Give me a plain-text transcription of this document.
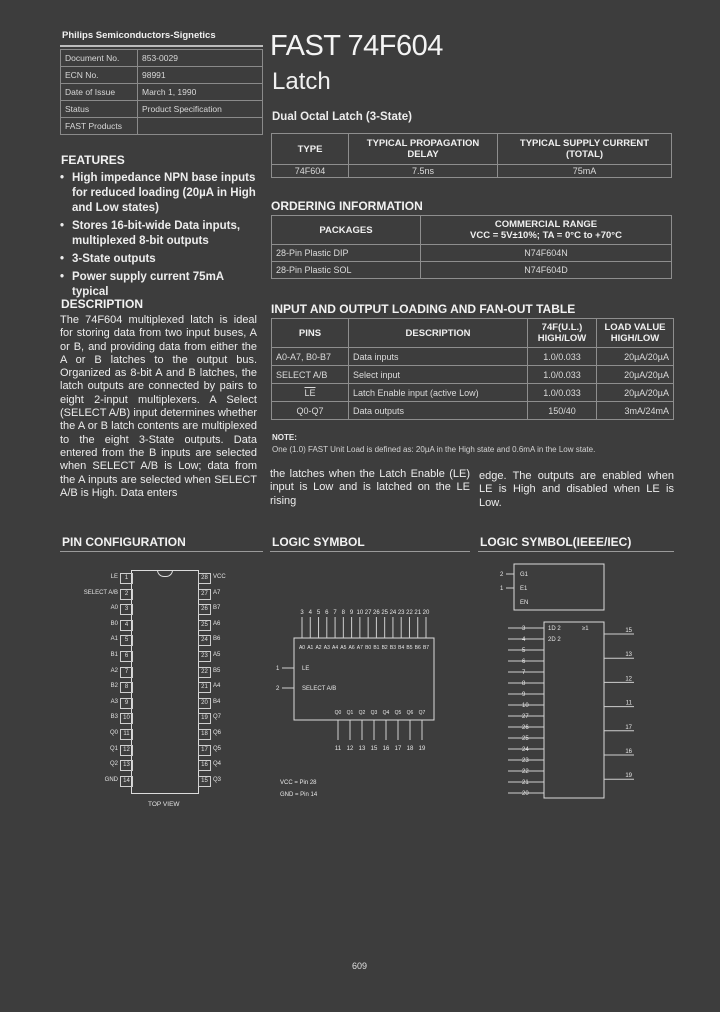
Philips Semiconductors-Signetics
Document No.	853-0029
ECN No.	98991
Date of Issue	March 1, 1990
Status	Product Specification
FAST Products	
FAST 74F604
Latch
Dual Octal Latch (3-State)
TYPE	TYPICAL PROPAGATION DELAY	TYPICAL SUPPLY CURRENT (TOTAL)
74F604	7.5ns	75mA
ORDERING INFORMATION
PACKAGES	COMMERCIAL RANGE
VCC = 5V±10%; TA = 0°C to +70°C

28-Pin Plastic DIP	N74F604N
28-Pin Plastic SOL	N74F604D
INPUT AND OUTPUT LOADING AND FAN-OUT TABLE
PINS	DESCRIPTION	74F(U.L.) HIGH/LOW	LOAD VALUE HIGH/LOW
A0-A7, B0-B7	Data inputs	1.0/0.033	20µA/20µA
SELECT A/B	Select input	1.0/0.033	20µA/20µA
$\overline{LE}$	Latch Enable input (active Low)	1.0/0.033	20µA/20µA
Q0-Q7	Data outputs	150/40	3mA/24mA
NOTE:
One (1.0) FAST Unit Load is defined as: 20µA in the High state and 0.6mA in the Low state.
FEATURES
• High impedance NPN base inputs for reduced loading (20µA in High and Low states)
• Stores 16-bit-wide Data inputs, multiplexed 8-bit outputs
• 3-State outputs
• Power supply current 75mA typical
DESCRIPTION
The 74F604 multiplexed latch is ideal for storing data from two input buses, A or B, and providing data from either the A or B latches to the output bus. Organized as 8-bit A and B latches, the latch outputs are connected by pairs to eight 2-input multiplexers. A Select (SELECT A/B) input determines whether the A or B latch contents are multiplexed to the eight 3-State outputs. Data entered from the B inputs are selected when SELECT A/B is Low; data from the A inputs are selected when SELECT A/B is High. Data enters
the latches when the Latch Enable (LE) input is Low and is latched on the LE rising
edge. The outputs are enabled when LE is High and disabled when LE is Low.
PIN CONFIGURATION	LOGIC SYMBOL	LOGIC SYMBOL(IEEE/IEC)
LE	1
SELECT A/B	2
A0	3
B0	4
A1	5
B1	6
A2	7
B2	8
A3	9
B3 10
Q0 11
Q1 12
Q2 13
GND 14
28 VCC
27 A7
26 B7
25 A6
24 B6
23 A5
22 B5
21 A4
20 B4
19 Q7
18 Q6
17 Q5
16 Q4
15 Q3
TOP VIEW
3
A0
4
A1
5
A2
6
A3
7
A4
8
A5
9
A6
10
A7
27
B0
26
B1
25
B2
24
B3
23
B4
22
B5
21
B6
20
B7
1	LE
2	SELECT A/B
Q0
11
Q1
12
Q2
13
Q3
15
Q4
16
Q5
17
Q6
18
Q7
19
VCC = Pin 28
GND = Pin 14
G1
E1
EN
2
1
1D 2
2D 2
≥1
3
4
5
6
7
8
9
10
27
26
25
24
23
22
21
20
15
13
12
11
17
16
19
609
